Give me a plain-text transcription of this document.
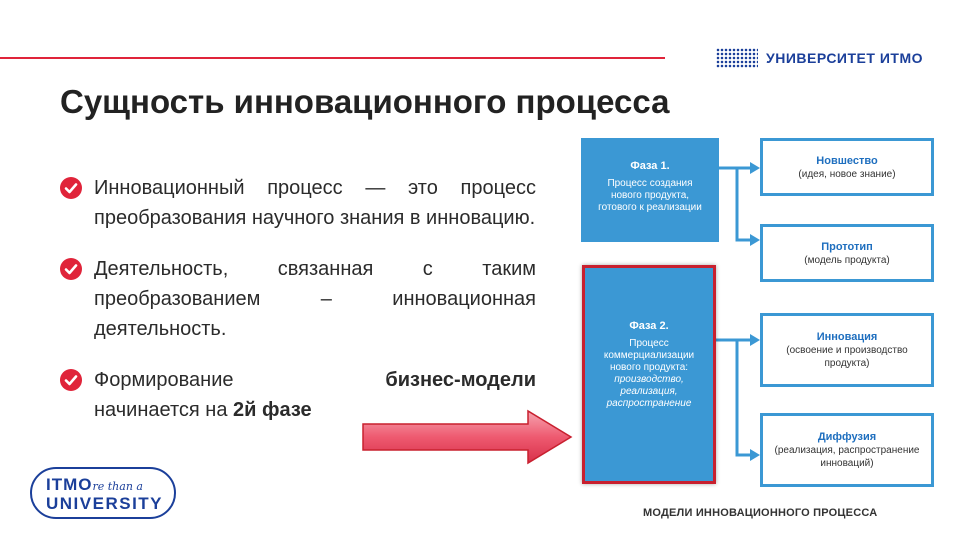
УНИВЕРСИТЕТ ИТМО
Сущность инновационного процесса
Инновационный процесс — это процесс преобразования научного знания в инновацию.
Деятельность, связанная с таким преобразованием – инновационная деятельность.
Формирование	бизнес-модели
начинается на 2й фазе
ITMOre than a
UNIVERSITY
Фаза 1.
Процесс создания нового продукта, готового к реализации
Фаза 2.
Процесс коммерциализации нового продукта:
производство, реализация, распространение
Новшество
(идея, новое знание)
Прототип
(модель продукта)
Инновация
(освоение и производство продукта)
Диффузия
(реализация, распространение инноваций)
МОДЕЛИ ИННОВАЦИОННОГО ПРОЦЕССА
